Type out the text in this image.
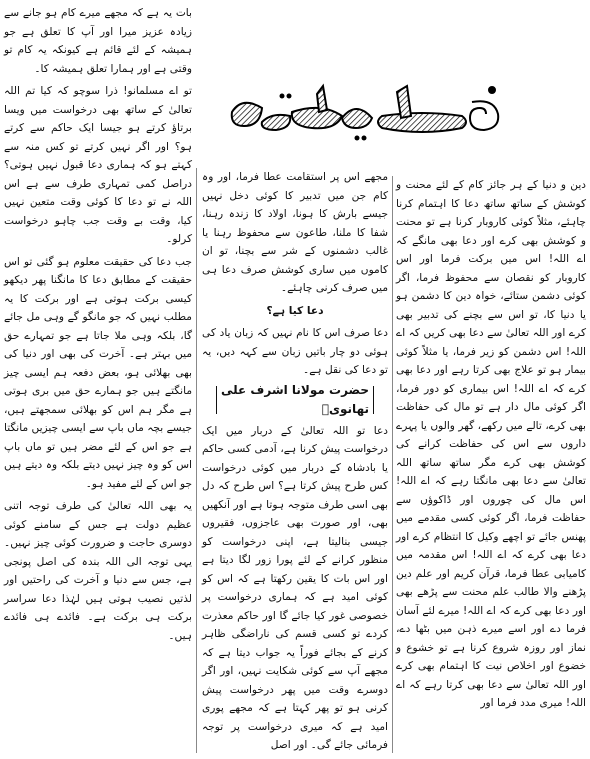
دعا کی اہمیت

بات یہ ہے کہ مجھے میرے کام ہو جانے سے زیادہ عزیز میرا اور آپ کا تعلق ہے جو ہمیشہ کے لئے قائم ہے کیونکہ یہ کام تو وقتی ہے اور ہمارا تعلق ہمیشہ کا۔

تو اے مسلمانو! ذرا سوچو کہ کیا تم اللہ تعالیٰ کے ساتھ بھی درخواست میں ویسا برتاؤ کرتے ہو جیسا ایک حاکم سے کرتے ہو؟ اور اگر نہیں کرتے تو کس منہ سے کہتے ہو کہ ہماری دعا قبول نہیں ہوتی؟ دراصل کمی تمہاری طرف سے ہے اس اللہ نے تو دعا کا کوئی وقت متعین نہیں کیا، وقت بے وقت جب چاہو درخواست کرلو۔

جب دعا کی حقیقت معلوم ہو گئی تو اس حقیقت کے مطابق دعا کا مانگنا پھر دیکھو کیسی برکت ہوتی ہے اور برکت کا یہ مطلب نہیں کہ جو مانگو گے وہی مل جائے گا، بلکہ وہی ملا جاتا ہے جو تمہارے حق میں بہتر ہے۔ آخرت کی بھی اور دنیا کی بھی بھلائی ہو، بعض دفعہ ہم ایسی چیز مانگتے ہیں جو ہمارے حق میں بری ہوتی ہے مگر ہم اس کو بھلائی سمجھتے ہیں، جیسے بچہ ماں باپ سے ایسی چیزیں مانگتا ہے جو اس کے لئے مضر ہیں تو ماں باپ اس کو وہ چیز نہیں دیتے بلکہ وہ دیتے ہیں جو اس کے لئے مفید ہو۔

یہ بھی اللہ تعالیٰ کی طرف توجہ اتنی عظیم دولت ہے جس کے سامنے کوئی دوسری حاجت و ضرورت کوئی چیز نہیں۔ یہی توجہ الی اللہ بندہ کی اصل پونجی ہے، جس سے دنیا و آخرت کی راحتیں اور لذتیں نصیب ہوتی ہیں لہٰذا دعا سراسر برکت ہی برکت ہے۔ فائدے ہی فائدے ہیں۔

مجھے اس پر استقامت عطا فرما، اور وہ کام جن میں تدبیر کا کوئی دخل نہیں جیسے بارش کا ہونا، اولاد کا زندہ رہنا، شفا کا ملنا، طاعون سے محفوظ رہنا یا غالب دشمنوں کے شر سے بچنا، تو ان کاموں میں ساری کوشش صرف دعا ہی میں صرف کرنی چاہئے۔

دعا کیا ہے؟

دعا صرف اس کا نام نہیں کہ زبان یاد کی ہوئی دو چار باتیں زبان سے کہہ دیں، یہ تو دعا کی نقل ہے۔

حضرت مولانا اشرف علی تھانویؒ

دعا تو اللہ تعالیٰ کے دربار میں ایک درخواست پیش کرنا ہے، آدمی کسی حاکم یا بادشاہ کے دربار میں کوئی درخواست کس طرح پیش کرتا ہے؟ اس طرح کہ دل بھی اسی طرف متوجہ ہوتا ہے اور آنکھیں بھی، اور صورت بھی عاجزوں، فقیروں جیسی بنالیتا ہے، اپنی درخواست کو منظور کرانے کے لئے پورا زور لگا دیتا ہے اور اس بات کا یقین رکھتا ہے کہ اس کو کوئی امید ہے کہ ہماری درخواست پر خصوصی غور کیا جائے گا اور حاکم معذرت کردے تو کسی قسم کی ناراضگی ظاہر کرنے کے بجائے فوراً یہ جواب دیتا ہے کہ مجھے آپ سے کوئی شکایت نہیں، اور اگر دوسرے وقت میں پھر درخواست پیش کرنی ہو تو پھر کہتا ہے کہ مجھے پوری امید ہے کہ میری درخواست پر توجہ فرمائی جائے گی۔ اور اصل

دین و دنیا کے ہر جائز کام کے لئے محنت و کوشش کے ساتھ ساتھ دعا کا اہتمام کرنا چاہئے، مثلاً کوئی کاروبار کرنا ہے تو محنت و کوشش بھی کرے اور دعا بھی مانگے کہ اے اللہ! اس میں برکت فرما اور اس کاروبار کو نقصان سے محفوظ فرما، اگر کوئی دشمن ستائے، خواہ دین کا دشمن ہو یا دنیا کا، تو اس سے بچنے کی تدبیر بھی کرے اور اللہ تعالیٰ سے دعا بھی کریں کہ اے اللہ! اس دشمن کو زیر فرما، یا مثلاً کوئی بیمار ہو تو علاج بھی کرتا رہے اور دعا بھی کرے کہ اے اللہ! اس بیماری کو دور فرما، اگر کوئی مال دار ہے تو مال کی حفاظت بھی کرے، تالے میں رکھے، گھر والوں یا پہرے داروں سے اس کی حفاظت کرانے کی کوشش بھی کرے مگر ساتھ ساتھ اللہ تعالیٰ سے دعا بھی مانگتا رہے کہ اے اللہ! اس مال کی چوروں اور ڈاکوؤں سے حفاظت فرما، اگر کوئی کسی مقدمے میں پھنس جائے تو اچھے وکیل کا انتظام کرے اور دعا بھی کرے کہ اے اللہ! اس مقدمہ میں کامیابی عطا فرما، قرآن کریم اور علم دین پڑھنے والا طالب علم محنت سے پڑھے بھی اور دعا بھی کرے کہ اے اللہ! میرے لئے آسان فرما دے اور اسے میرے ذہن میں بٹھا دے، نماز اور روزہ شروع کرنا ہے تو خشوع و خضوع اور اخلاص نیت کا اہتمام بھی کرے اور اللہ تعالیٰ سے دعا بھی کرتا رہے کہ اے اللہ! میری مدد فرما اور
